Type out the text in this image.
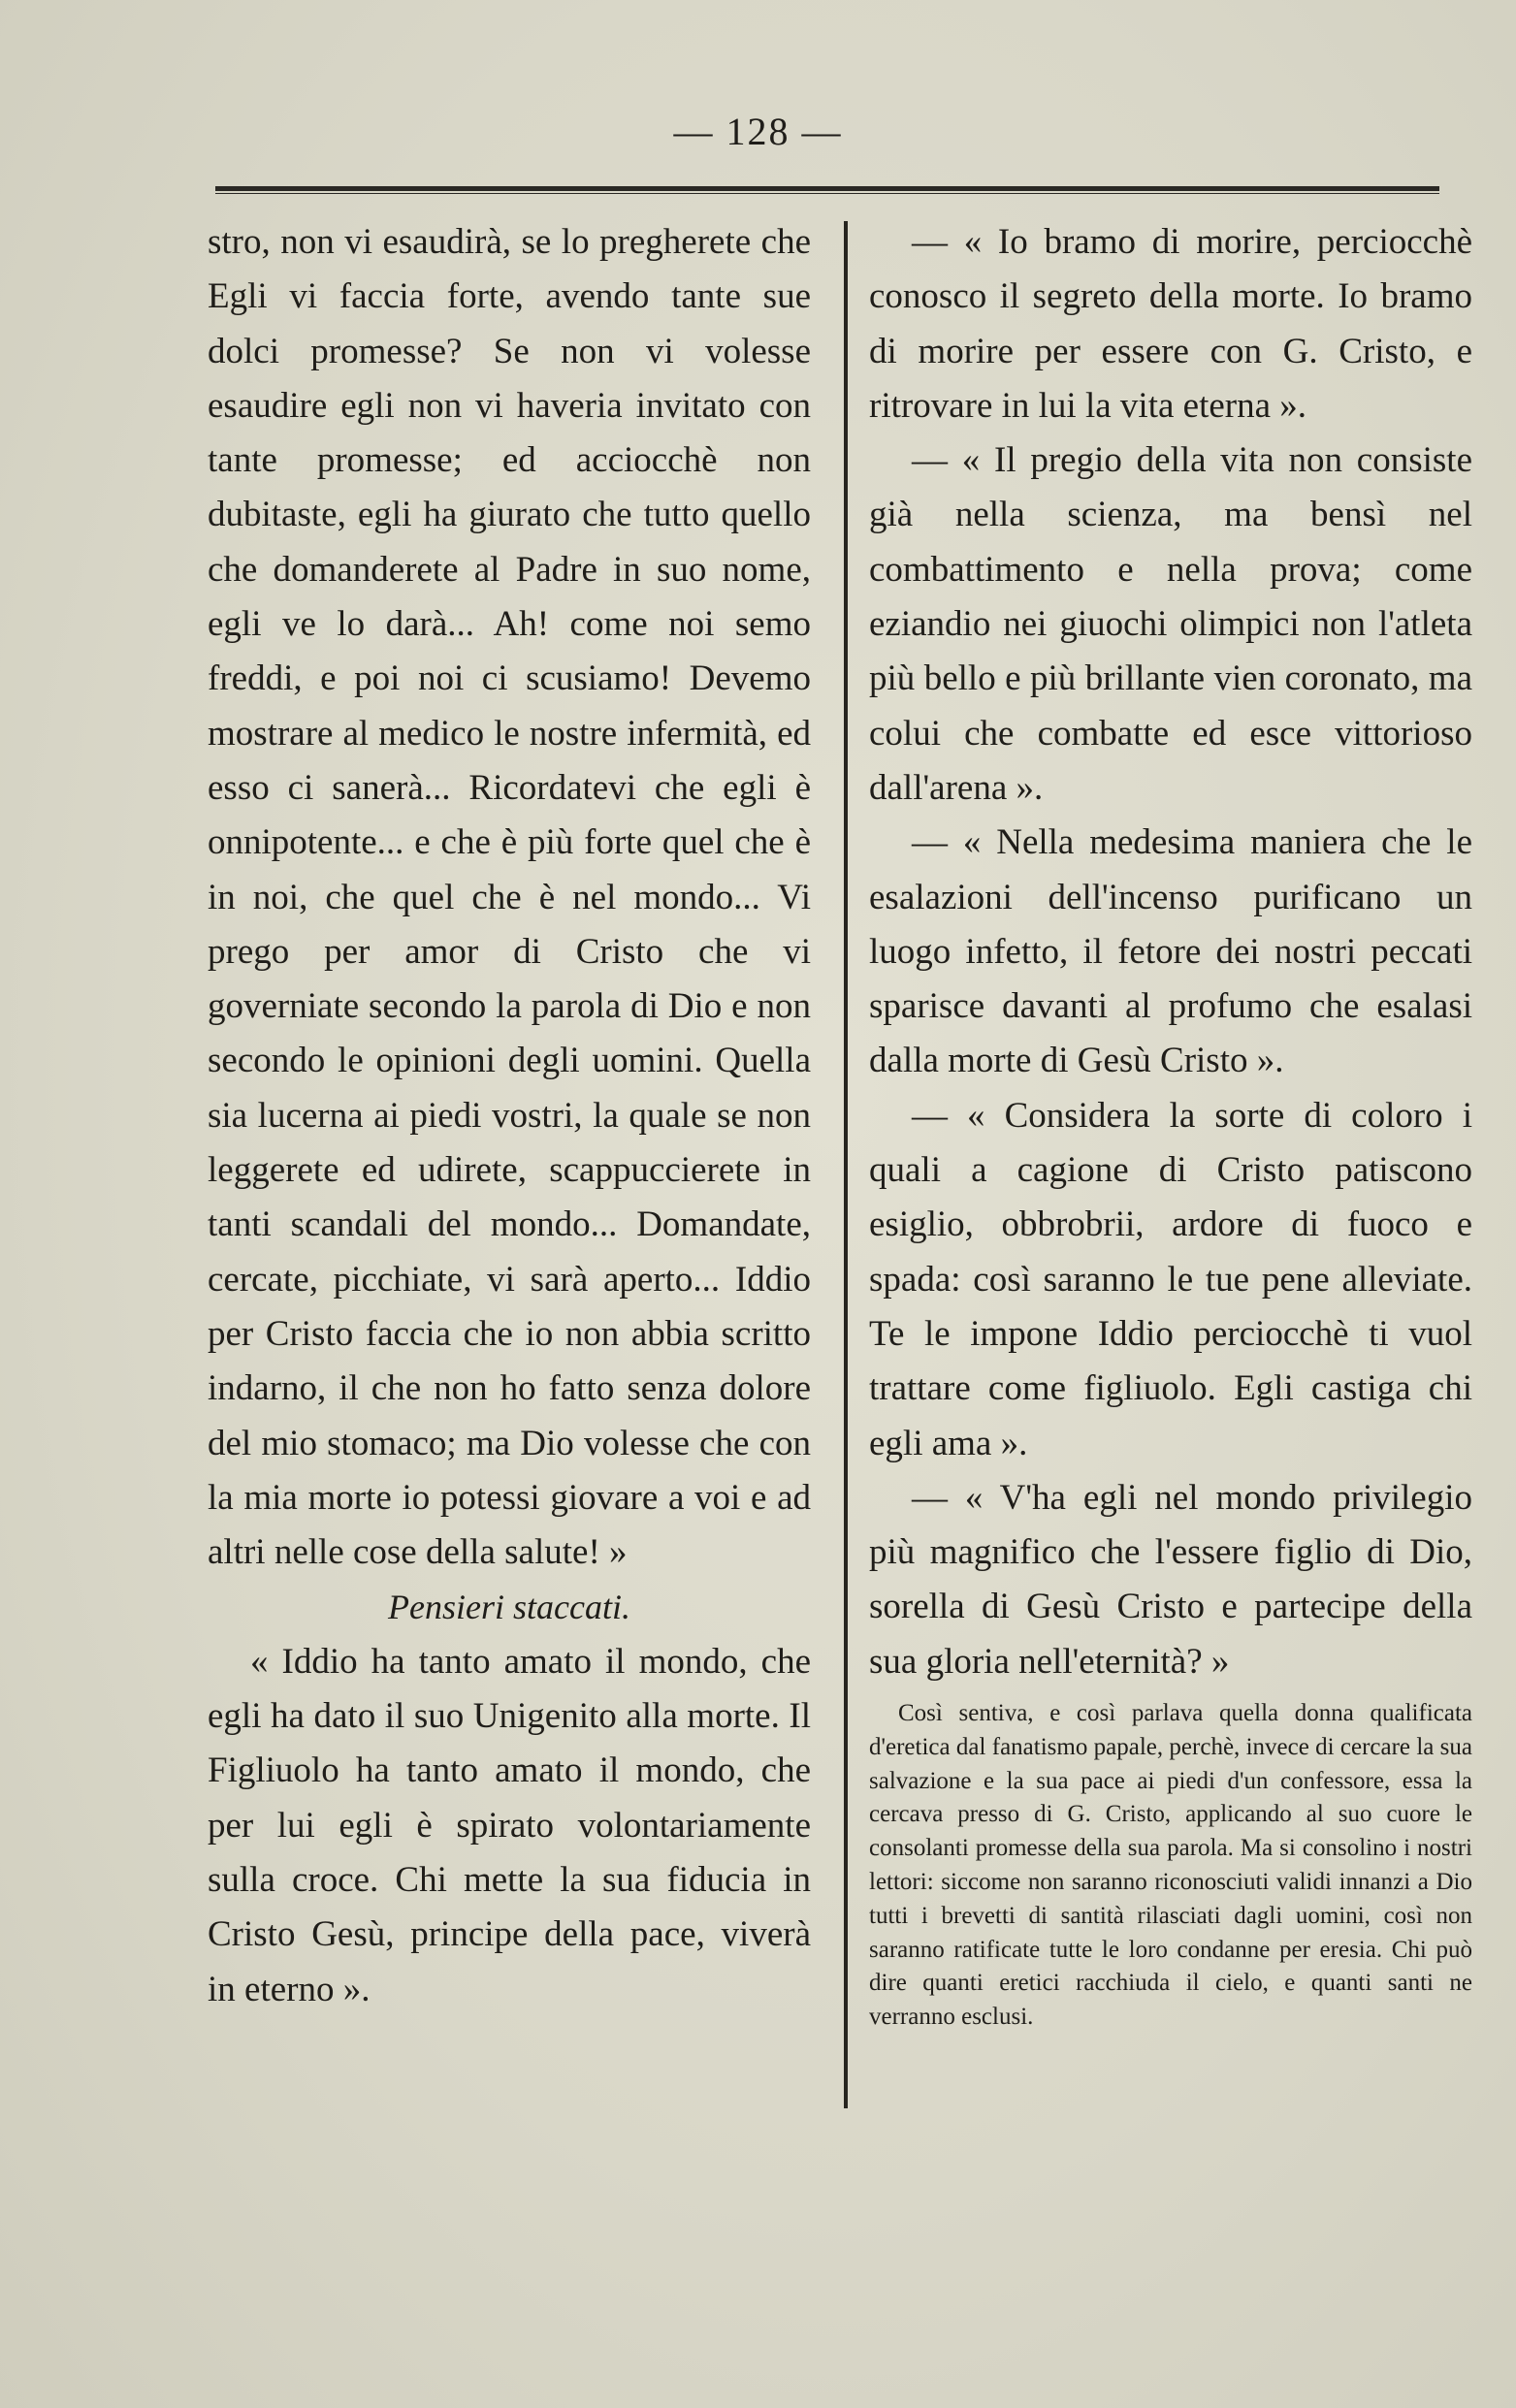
— 128 —

stro, non vi esaudirà, se lo pregherete che Egli vi faccia forte, avendo tante sue dolci promesse? Se non vi volesse esaudire egli non vi haveria invitato con tante promesse; ed acciocchè non dubitaste, egli ha giurato che tutto quello che domanderete al Padre in suo nome, egli ve lo darà... Ah! come noi semo freddi, e poi noi ci scusiamo! Devemo mostrare al medico le nostre infermità, ed esso ci sanerà... Ricordatevi che egli è onnipotente... e che è più forte quel che è in noi, che quel che è nel mondo... Vi prego per amor di Cristo che vi governiate secondo la parola di Dio e non secondo le opinioni degli uomini. Quella sia lucerna ai piedi vostri, la quale se non leggerete ed udirete, scappuccierete in tanti scandali del mondo... Domandate, cercate, picchiate, vi sarà aperto... Iddio per Cristo faccia che io non abbia scritto indarno, il che non ho fatto senza dolore del mio stomaco; ma Dio volesse che con la mia morte io potessi giovare a voi e ad altri nelle cose della salute! »

Pensieri staccati.

« Iddio ha tanto amato il mondo, che egli ha dato il suo Unigenito alla morte. Il Figliuolo ha tanto amato il mondo, che per lui egli è spirato volontariamente sulla croce. Chi mette la sua fiducia in Cristo Gesù, principe della pace, viverà in eterno ».

— « Io bramo di morire, perciocchè conosco il segreto della morte. Io bramo di morire per essere con G. Cristo, e ritrovare in lui la vita eterna ».

— « Il pregio della vita non consiste già nella scienza, ma bensì nel combattimento e nella prova; come eziandio nei giuochi olimpici non l'atleta più bello e più brillante vien coronato, ma colui che combatte ed esce vittorioso dall'arena ».

— « Nella medesima maniera che le esalazioni dell'incenso purificano un luogo infetto, il fetore dei nostri peccati sparisce davanti al profumo che esalasi dalla morte di Gesù Cristo ».

— « Considera la sorte di coloro i quali a cagione di Cristo patiscono esiglio, obbrobrii, ardore di fuoco e spada: così saranno le tue pene alleviate. Te le impone Iddio perciocchè ti vuol trattare come figliuolo. Egli castiga chi egli ama ».

— « V'ha egli nel mondo privilegio più magnifico che l'essere figlio di Dio, sorella di Gesù Cristo e partecipe della sua gloria nell'eternità? »

Così sentiva, e così parlava quella donna qualificata d'eretica dal fanatismo papale, perchè, invece di cercare la sua salvazione e la sua pace ai piedi d'un confessore, essa la cercava presso di G. Cristo, applicando al suo cuore le consolanti promesse della sua parola. Ma si consolino i nostri lettori: siccome non saranno riconosciuti validi innanzi a Dio tutti i brevetti di santità rilasciati dagli uomini, così non saranno ratificate tutte le loro condanne per eresia. Chi può dire quanti eretici racchiuda il cielo, e quanti santi ne verranno esclusi.
